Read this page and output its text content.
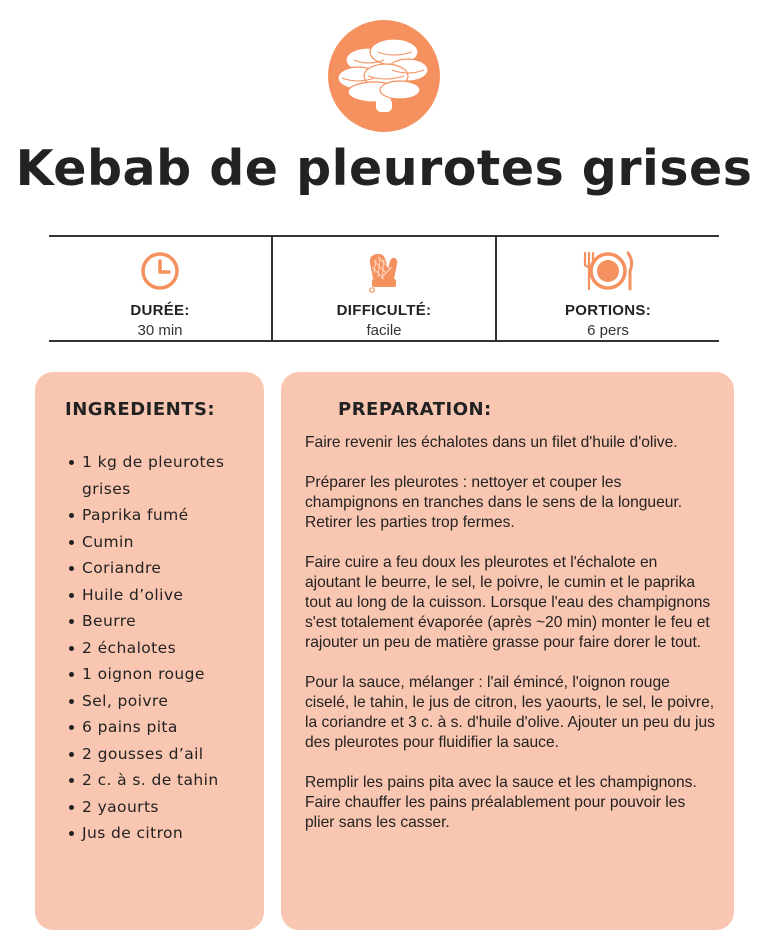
Kebab de pleurotes grises
DURÉE:
30 min
DIFFICULTÉ:
facile
PORTIONS:
6 pers
INGREDIENTS:
1 kg de pleurotes grises
Paprika fumé
Cumin
Coriandre
Huile d’olive
Beurre
2 échalotes
1 oignon rouge
Sel, poivre
6 pains pita
2 gousses d’ail
2 c. à s. de tahin
2 yaourts
Jus de citron
PREPARATION:

Faire revenir les échalotes dans un filet d'huile d'olive.

Préparer les pleurotes : nettoyer et couper les champignons en tranches dans le sens de la longueur. Retirer les parties trop fermes.

Faire cuire a feu doux les pleurotes et l'échalote en ajoutant le beurre, le sel, le poivre, le cumin et le paprika tout au long de la cuisson. Lorsque l'eau des champignons s'est totalement évaporée (après ~20 min) monter le feu et rajouter un peu de matière grasse pour faire dorer le tout.

Pour la sauce, mélanger : l'ail émincé, l'oignon rouge ciselé, le tahin, le jus de citron, les yaourts, le sel, le poivre, la coriandre et 3 c. à s. d'huile d'olive. Ajouter un peu du jus des pleurotes pour fluidifier la sauce.

Remplir les pains pita avec la sauce et les champignons. Faire chauffer les pains préalablement pour pouvoir les plier sans les casser.
